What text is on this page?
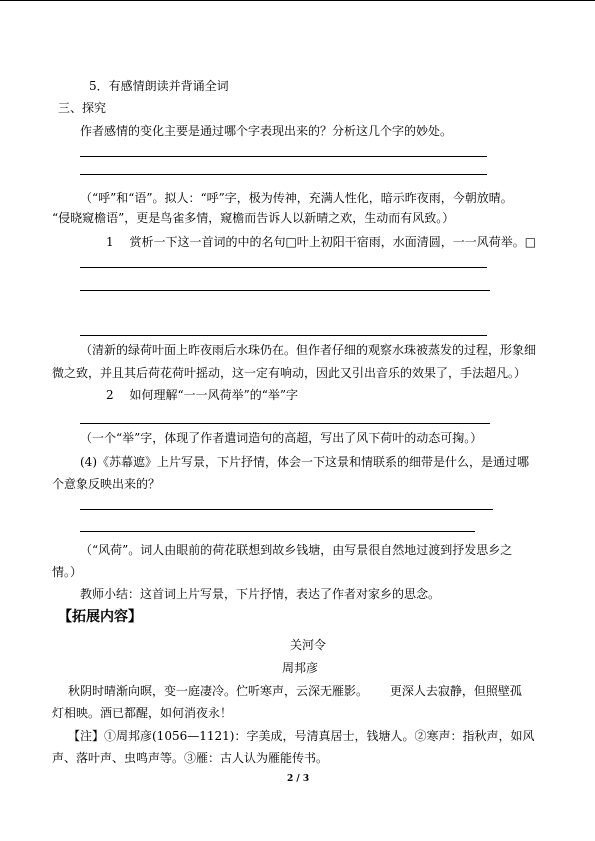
5．有感情朗读并背诵全词
三、探究
作者感情的变化主要是通过哪个字表现出来的？分析这几个字的妙处。
（“呼”和“语”。拟人：“呼”字，极为传神，充满人性化，暗示昨夜雨，今朝放晴。
“侵晓窥檐语”，更是鸟雀多情，窥檐而告诉人以新晴之欢，生动而有风致。）
1　 赏析一下这一首词的中的名句□叶上初阳干宿雨，水面清圆，一一风荷举。□
（清新的绿荷叶面上昨夜雨后水珠仍在。但作者仔细的观察水珠被蒸发的过程，形象细
微之致，并且其后荷花荷叶摇动，这一定有响动，因此又引出音乐的效果了，手法超凡。）
2　 如何理解“一一风荷举”的“举”字
（一个“举”字，体现了作者遣词造句的高超，写出了风下荷叶的动态可掬。）
(4)《苏幕遮》上片写景，下片抒情，体会一下这景和情联系的细带是什么，是通过哪
个意象反映出来的？
（“风荷”。词人由眼前的荷花联想到故乡钱塘，由写景很自然地过渡到抒发思乡之
情。）
教师小结：这首词上片写景，下片抒情，表达了作者对家乡的思念。
【拓展内容】
关河令
周邦彦
秋阴时晴渐向暝，变一庭凄冷。伫听寒声，云深无雁影。　　 更深人去寂静，但照壁孤
灯相映。酒已都醒，如何消夜永！
【注】①周邦彦(1056—1121)：字美成，号清真居士，钱塘人。②寒声：指秋声，如风
声、落叶声、虫鸣声等。③雁：古人认为雁能传书。
2 / 3
